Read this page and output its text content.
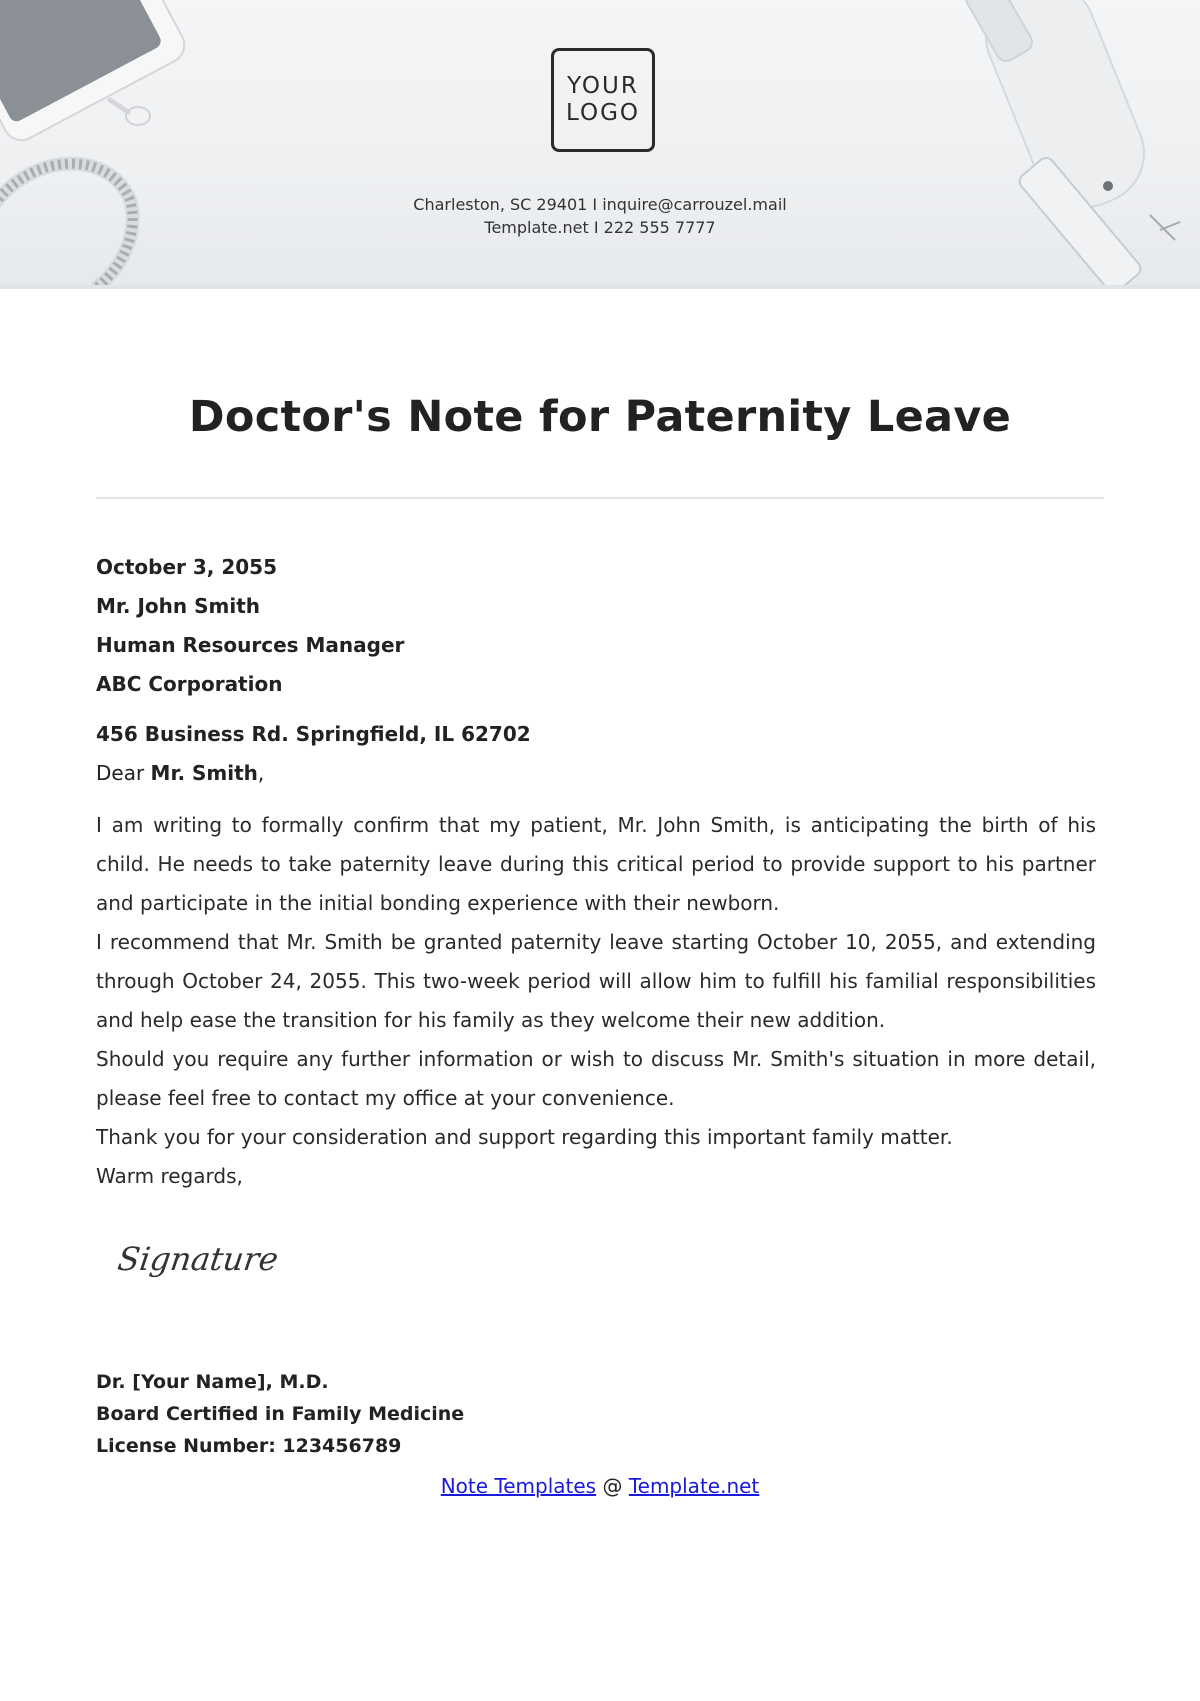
YOUR
LOGO
Charleston, SC 29401 I inquire@carrouzel.mail
Template.net I 222 555 7777
Doctor's Note for Paternity Leave
October 3, 2055
Mr. John Smith
Human Resources Manager
ABC Corporation
456 Business Rd. Springfield, IL 62702
Dear Mr. Smith,

I am writing to formally confirm that my patient, Mr. John Smith, is anticipating the birth of his child. He needs to take paternity leave during this critical period to provide support to his partner and participate in the initial bonding experience with their newborn.

I recommend that Mr. Smith be granted paternity leave starting October 10, 2055, and extending through October 24, 2055. This two-week period will allow him to fulfill his familial responsibilities and help ease the transition for his family as they welcome their new addition.

Should you require any further information or wish to discuss Mr. Smith's situation in more detail, please feel free to contact my office at your convenience.

Thank you for your consideration and support regarding this important family matter.

Warm regards,

Signature
Dr. [Your Name], M.D.
Board Certified in Family Medicine
License Number: 123456789
Note Templates @ Template.net
